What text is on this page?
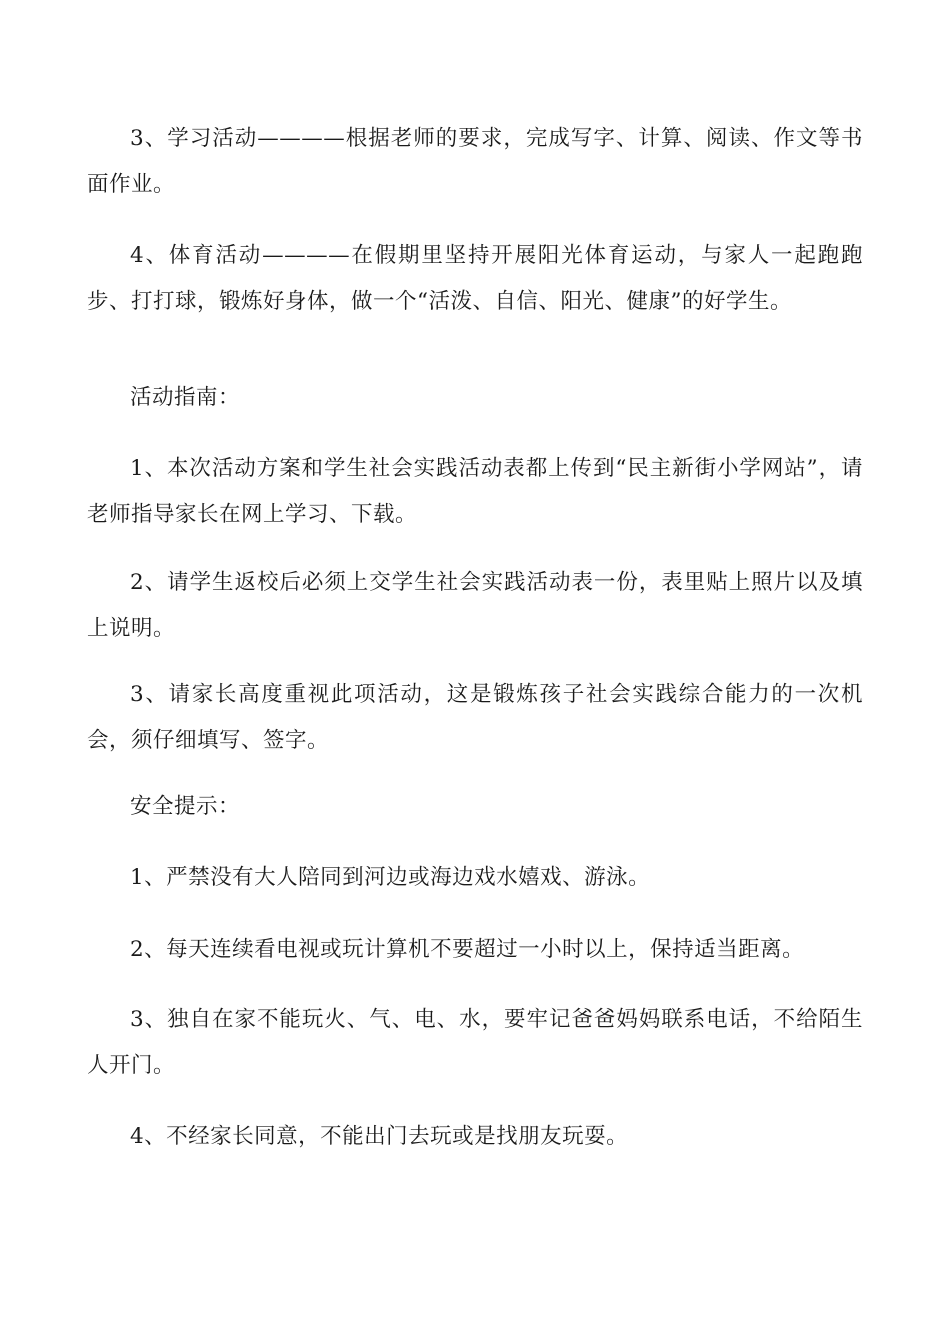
3、学习活动————根据老师的要求，完成写字、计算、阅读、作文等书面作业。

4、体育活动————在假期里坚持开展阳光体育运动，与家人一起跑跑步、打打球，锻炼好身体，做一个“活泼、自信、阳光、健康”的好学生。

活动指南：

1、本次活动方案和学生社会实践活动表都上传到“民主新街小学网站”，请老师指导家长在网上学习、下载。

2、请学生返校后必须上交学生社会实践活动表一份，表里贴上照片以及填上说明。

3、请家长高度重视此项活动，这是锻炼孩子社会实践综合能力的一次机会，须仔细填写、签字。

安全提示：

1、严禁没有大人陪同到河边或海边戏水嬉戏、游泳。

2、每天连续看电视或玩计算机不要超过一小时以上，保持适当距离。

3、独自在家不能玩火、气、电、水，要牢记爸爸妈妈联系电话，不给陌生人开门。

4、不经家长同意，不能出门去玩或是找朋友玩耍。
